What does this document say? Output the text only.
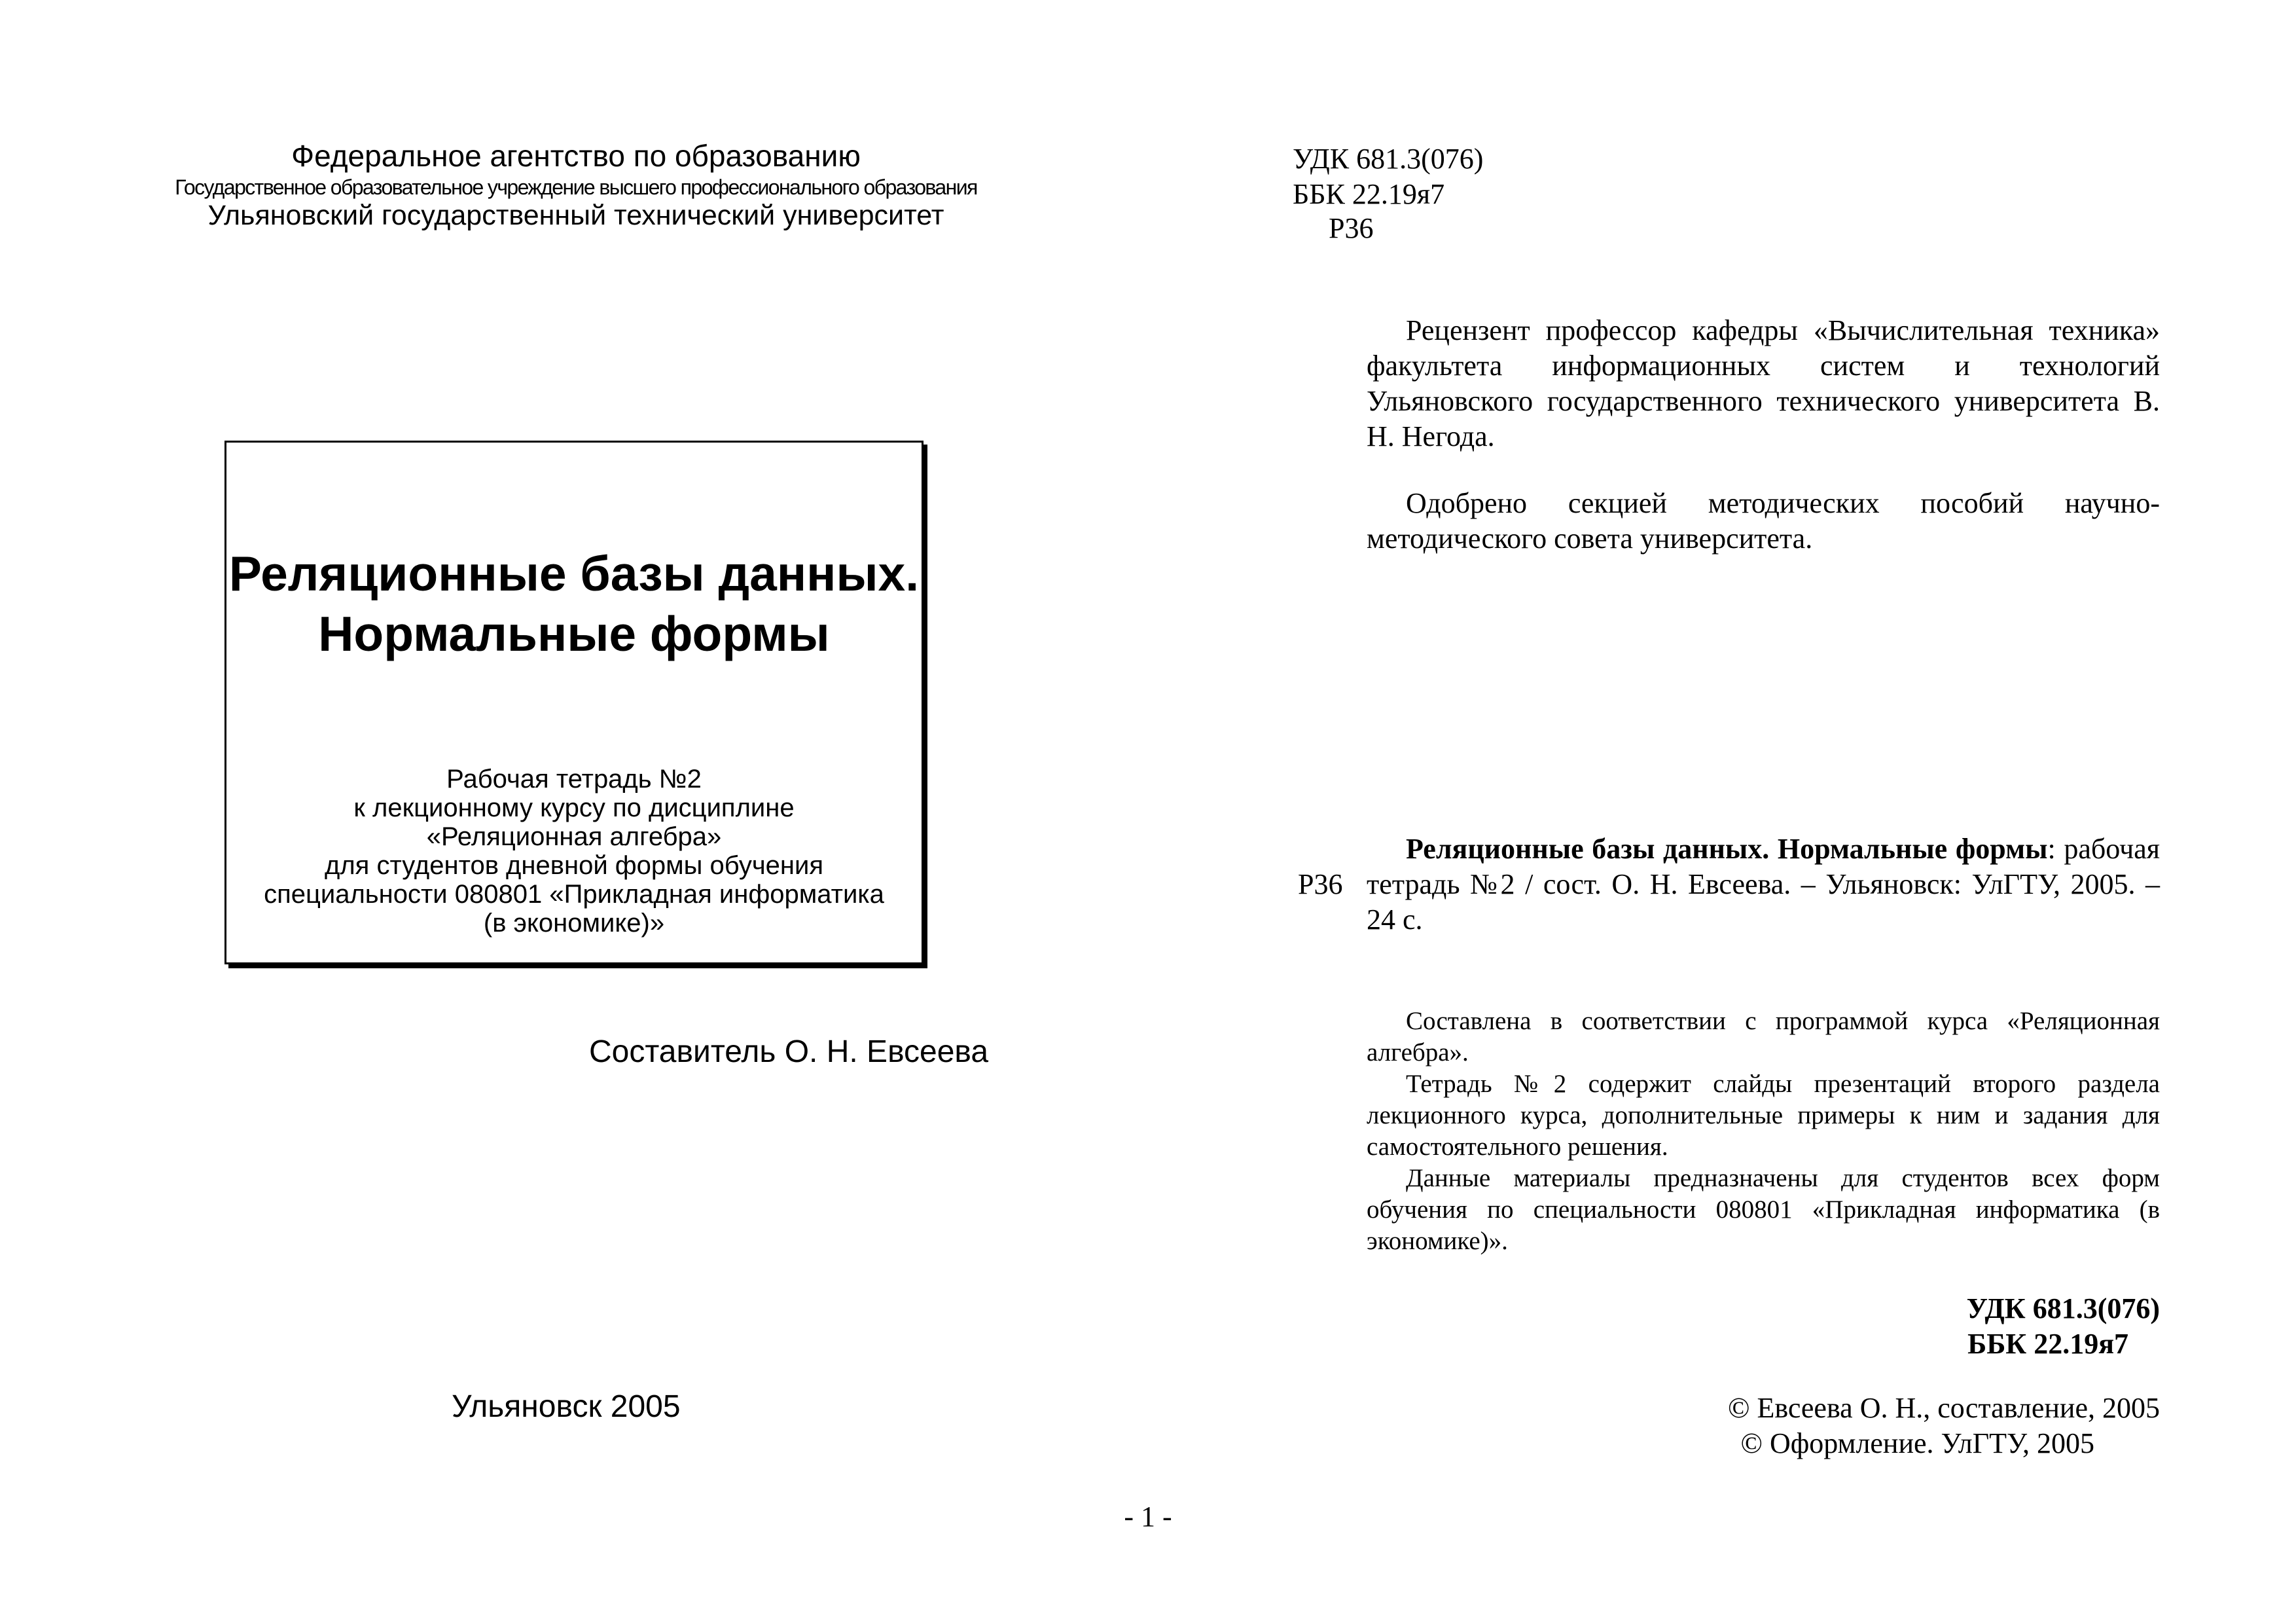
Федеральное агентство по образованию
Государственное образовательное учреждение высшего профессионального образования
Ульяновский государственный технический университет
Реляционные базы данных.
Нормальные формы
Рабочая тетрадь №2
к лекционному курсу по дисциплине
«Реляционная алгебра»
для студентов дневной формы обучения
специальности 080801 «Прикладная информатика
(в экономике)»
Составитель О. Н. Евсеева
Ульяновск 2005
УДК 681.3(076)
ББК 22.19я7
Р36

Рецензент профессор кафедры «Вычислительная техника» факультета информационных систем и технологий Ульяновского государственного технического университета В. Н. Негода.

Одобрено секцией методических пособий научно-методического совета университета.

Р36

Реляционные базы данных. Нормальные формы: рабочая тетрадь №2 / сост. О. Н. Евсеева. – Ульяновск: УлГТУ, 2005. – 24 с.

Составлена в соответствии с программой курса «Реляционная алгебра».

Тетрадь №2 содержит слайды презентаций второго раздела лекционного курса, дополнительные примеры к ним и задания для самостоятельного решения.

Данные материалы предназначены для студентов всех форм обучения по специальности 080801 «Прикладная информатика (в экономике)».

УДК 681.3(076)
ББК 22.19я7
© Евсеева О. Н., составление, 2005
© Оформление. УлГТУ, 2005
- 1 -
